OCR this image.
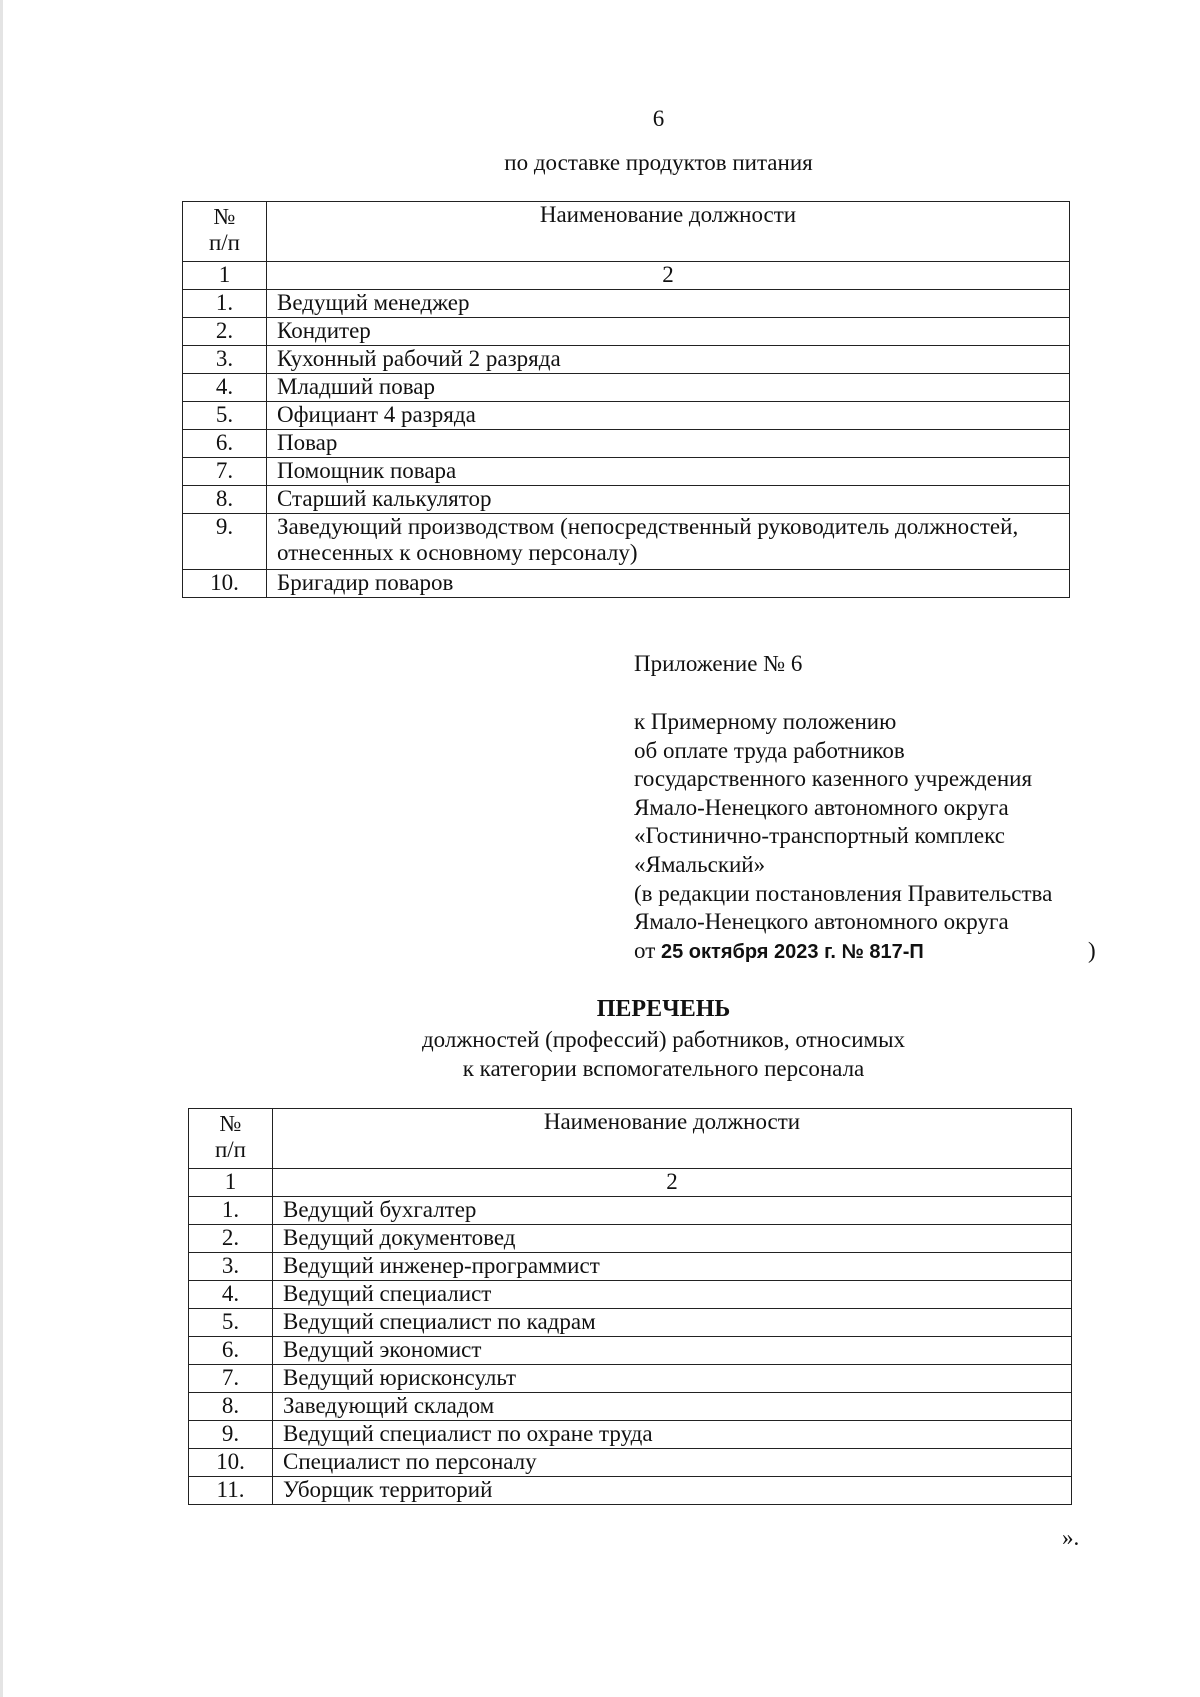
6
по доставке продуктов питания
№
п/п	Наименование должности
1	2
1.	Ведущий менеджер
2.	Кондитер
3.	Кухонный рабочий 2 разряда
4.	Младший повар
5.	Официант 4 разряда
6.	Повар
7.	Помощник повара
8.	Старший калькулятор
9.	Заведующий производством (непосредственный руководитель должностей, отнесенных к основному персоналу)
10.	Бригадир поваров
Приложение № 6
к Примерному положению
об оплате труда работников
государственного казенного учреждения
Ямало-Ненецкого автономного округа
«Гостинично-транспортный комплекс
«Ямальский»
(в редакции постановления Правительства
Ямало-Ненецкого автономного округа
от 25 октября 2023 г. № 817-П	)
ПЕРЕЧЕНЬ
должностей (профессий) работников, относимых
к категории вспомогательного персонала
№
п/п	Наименование должности
1	2
1.	Ведущий бухгалтер
2.	Ведущий документовед
3.	Ведущий инженер-программист
4.	Ведущий специалист
5.	Ведущий специалист по кадрам
6.	Ведущий экономист
7.	Ведущий юрисконсульт
8.	Заведующий складом
9.	Ведущий специалист по охране труда
10.	Специалист по персоналу
11.	Уборщик территорий
».
